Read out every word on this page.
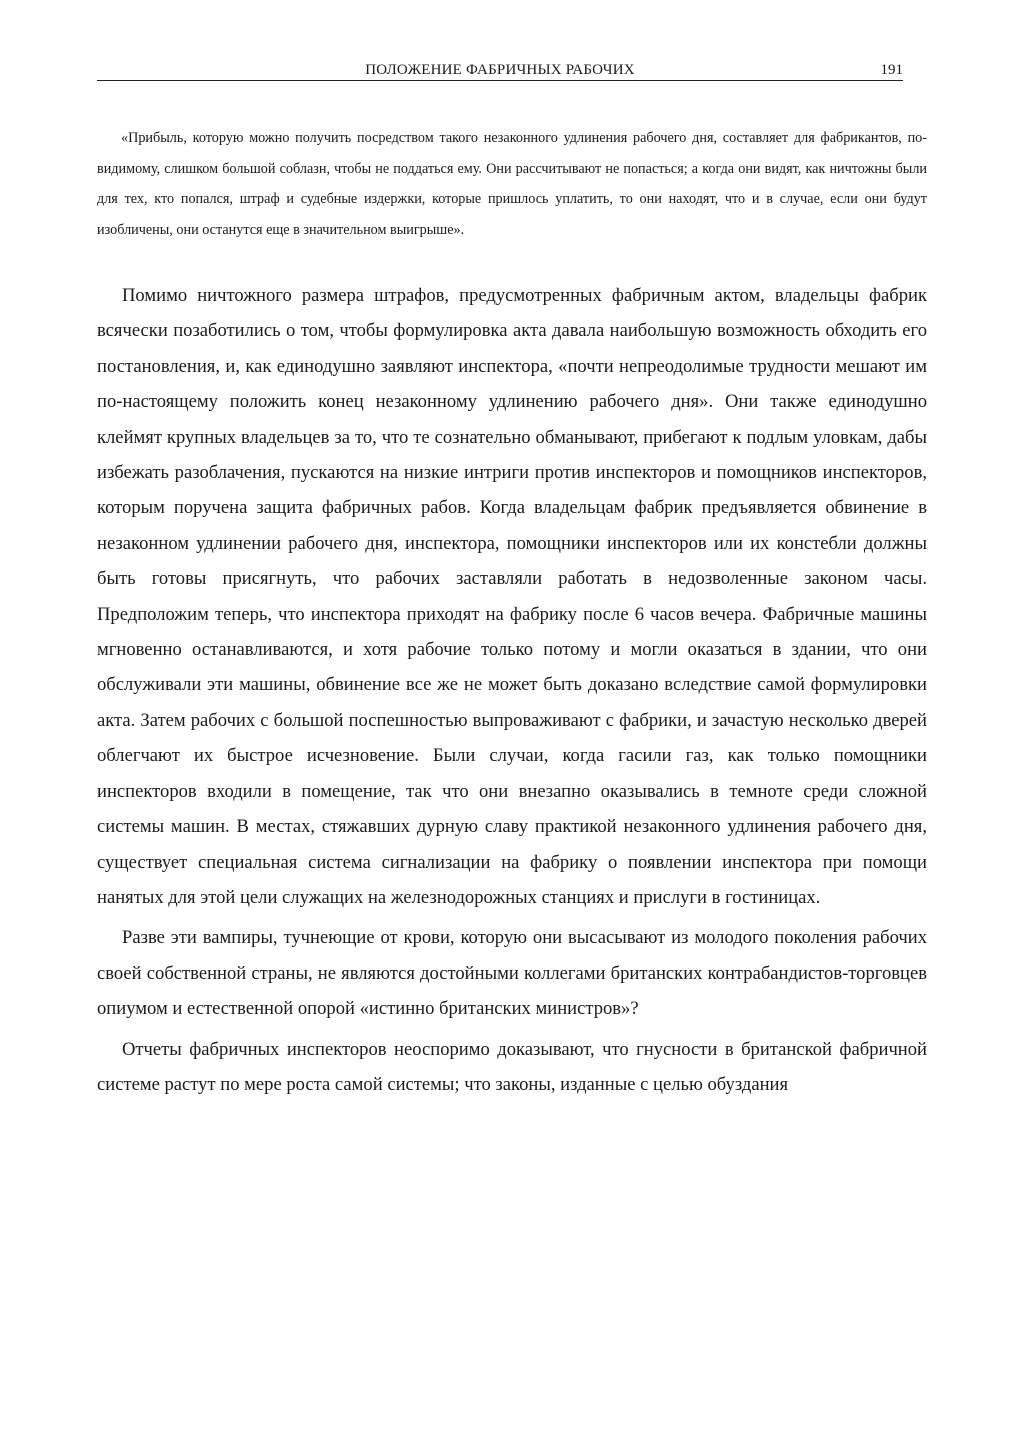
ПОЛОЖЕНИЕ ФАБРИЧНЫХ РАБОЧИХ	191

«Прибыль, которую можно получить посредством такого незаконного удлинения рабочего дня, составляет для фабрикантов, по-видимому, слишком большой соблазн, чтобы не поддаться ему. Они рассчитывают не попасться; а когда они видят, как ничтожны были для тех, кто попался, штраф и судебные издержки, которые пришлось уплатить, то они находят, что и в случае, если они будут изобличены, они останутся еще в значительном выигрыше».

Помимо ничтожного размера штрафов, предусмотренных фабричным актом, владельцы фабрик всячески позаботились о том, чтобы формулировка акта давала наибольшую возможность обходить его постановления, и, как единодушно заявляют инспектора, «почти непреодолимые трудности мешают им по-настоящему положить конец незаконному удлинению рабочего дня». Они также единодушно клеймят крупных владельцев за то, что те сознательно обманывают, прибегают к подлым уловкам, дабы избежать разоблачения, пускаются на низкие интриги против инспекторов и помощников инспекторов, которым поручена защита фабричных рабов. Когда владельцам фабрик предъявляется обвинение в незаконном удлинении рабочего дня, инспектора, помощники инспекторов или их констебли должны быть готовы присягнуть, что рабочих заставляли работать в недозволенные законом часы. Предположим теперь, что инспектора приходят на фабрику после 6 часов вечера. Фабричные машины мгновенно останавливаются, и хотя рабочие только потому и могли оказаться в здании, что они обслуживали эти машины, обвинение все же не может быть доказано вследствие самой формулировки акта. Затем рабочих с большой поспешностью выпроваживают с фабрики, и зачастую несколько дверей облегчают их быстрое исчезновение. Были случаи, когда гасили газ, как только помощники инспекторов входили в помещение, так что они внезапно оказывались в темноте среди сложной системы машин. В местах, стяжавших дурную славу практикой незаконного удлинения рабочего дня, существует специальная система сигнализации на фабрику о появлении инспектора при помощи нанятых для этой цели служащих на железнодорожных станциях и прислуги в гостиницах.

Разве эти вампиры, тучнеющие от крови, которую они высасывают из молодого поколения рабочих своей собственной страны, не являются достойными коллегами британских контрабандистов-торговцев опиумом и естественной опорой «истинно британских министров»?

Отчеты фабричных инспекторов неоспоримо доказывают, что гнусности в британской фабричной системе растут по мере роста самой системы; что законы, изданные с целью обуздания
